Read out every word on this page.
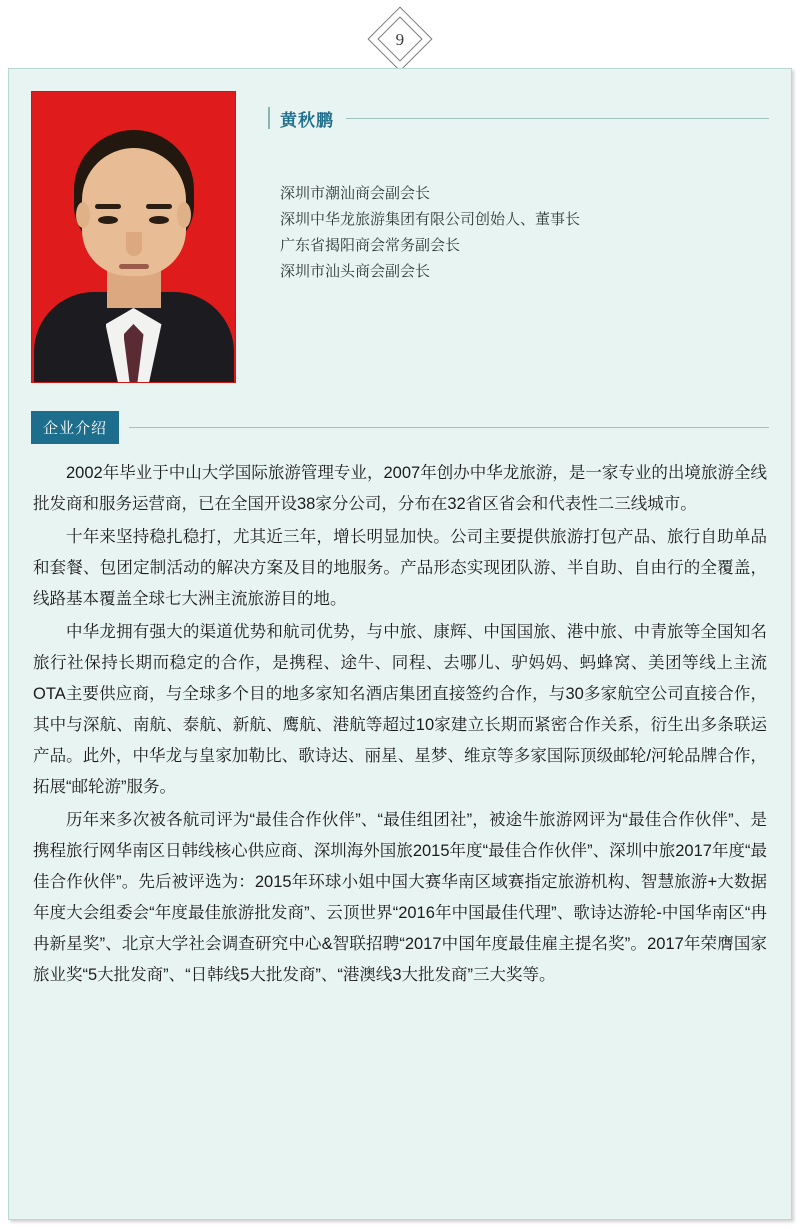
9
黄秋鹏
深圳市潮汕商会副会长
深圳中华龙旅游集团有限公司创始人、董事长
广东省揭阳商会常务副会长
深圳市汕头商会副会长
企业介绍

2002年毕业于中山大学国际旅游管理专业，2007年创办中华龙旅游，是一家专业的出境旅游全线批发商和服务运营商，已在全国开设38家分公司，分布在32省区省会和代表性二三线城市。

十年来坚持稳扎稳打，尤其近三年，增长明显加快。公司主要提供旅游打包产品、旅行自助单品和套餐、包团定制活动的解决方案及目的地服务。产品形态实现团队游、半自助、自由行的全覆盖，线路基本覆盖全球七大洲主流旅游目的地。

中华龙拥有强大的渠道优势和航司优势，与中旅、康辉、中国国旅、港中旅、中青旅等全国知名旅行社保持长期而稳定的合作，是携程、途牛、同程、去哪儿、驴妈妈、蚂蜂窝、美团等线上主流OTA主要供应商，与全球多个目的地多家知名酒店集团直接签约合作，与30多家航空公司直接合作，其中与深航、南航、泰航、新航、鹰航、港航等超过10家建立长期而紧密合作关系，衍生出多条联运产品。此外，中华龙与皇家加勒比、歌诗达、丽星、星梦、维京等多家国际顶级邮轮/河轮品牌合作，拓展“邮轮游”服务。

历年来多次被各航司评为“最佳合作伙伴”、“最佳组团社”，被途牛旅游网评为“最佳合作伙伴”、是携程旅行网华南区日韩线核心供应商、深圳海外国旅2015年度“最佳合作伙伴”、深圳中旅2017年度“最佳合作伙伴”。先后被评选为：2015年环球小姐中国大赛华南区域赛指定旅游机构、智慧旅游+大数据年度大会组委会“年度最佳旅游批发商”、云顶世界“2016年中国最佳代理”、歌诗达游轮-中国华南区“冉冉新星奖”、北京大学社会调查研究中心&智联招聘“2017中国年度最佳雇主提名奖”。2017年荣膺国家旅业奖“5大批发商”、“日韩线5大批发商”、“港澳线3大批发商”三大奖等。
